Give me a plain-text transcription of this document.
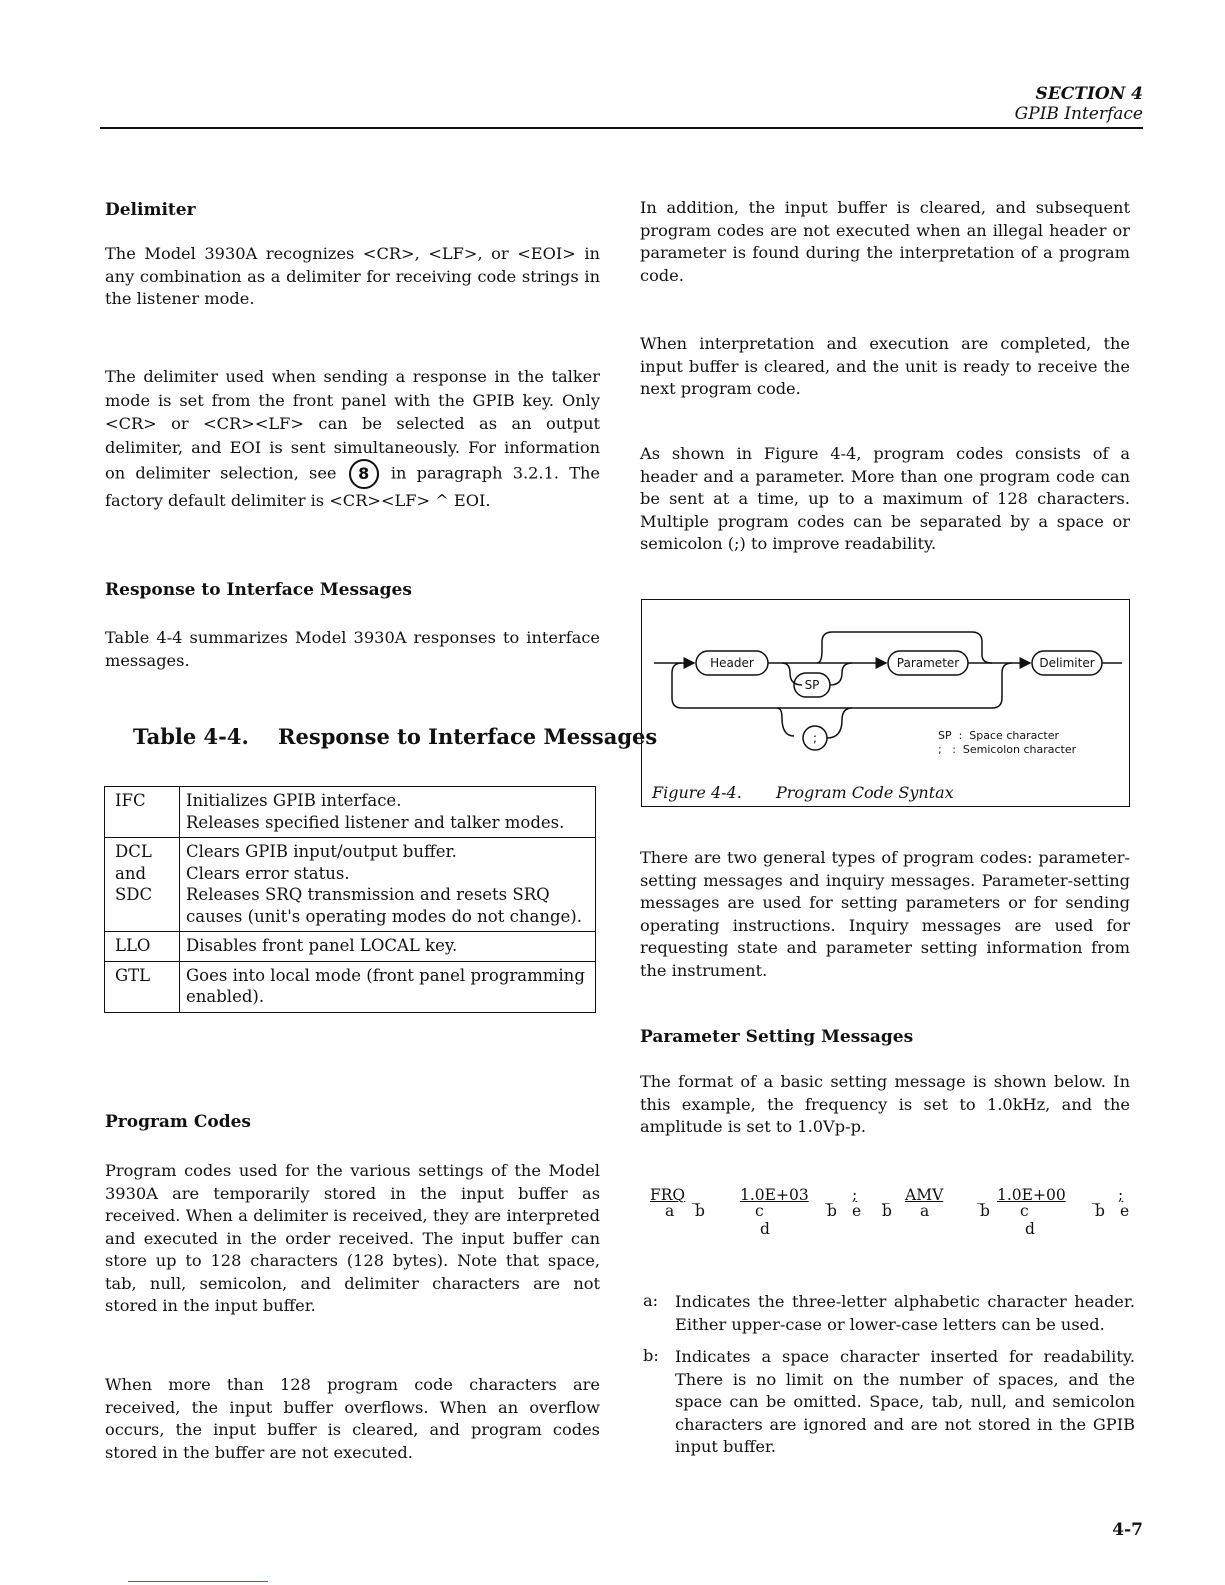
SECTION 4
GPIB Interface
Delimiter
The Model 3930A recognizes <CR>, <LF>, or <EOI> in any combination as a delimiter for receiving code strings in the listener mode.
The delimiter used when sending a response in the talker mode is set from the front panel with the GPIB key. Only <CR> or <CR><LF> can be selected as an output delimiter, and EOI is sent simultaneously. For information on delimiter selection, see 8 in paragraph 3.2.1. The factory default delimiter is <CR><LF> ^ EOI.
Response to Interface Messages
Table 4-4 summarizes Model 3930A responses to interface messages.
Table 4-4.    Response to Interface Messages
IFC	Initializes GPIB interface.
Releases specified listener and talker modes.
DCL
and
SDC	Clears GPIB input/output buffer.
Clears error status.
Releases SRQ transmission and resets SRQ causes (unit's operating modes do not change).
LLO	Disables front panel LOCAL key.
GTL	Goes into local mode (front panel programming enabled).
Program Codes
Program codes used for the various settings of the Model 3930A are temporarily stored in the input buffer as received. When a delimiter is received, they are interpreted and executed in the order received. The input buffer can store up to 128 characters (128 bytes). Note that space, tab, null, semicolon, and delimiter characters are not stored in the input buffer.
When more than 128 program code characters are received, the input buffer overflows. When an overflow occurs, the input buffer is cleared, and program codes stored in the buffer are not executed.
In addition, the input buffer is cleared, and subsequent program codes are not executed when an illegal header or parameter is found during the interpretation of a program code.
When interpretation and execution are completed, the input buffer is cleared, and the unit is ready to receive the next program code.
As shown in Figure 4-4, program codes consists of a header and a parameter. More than one program code can be sent at a time, up to a maximum of 128 characters. Multiple program codes can be separated by a space or semicolon (;) to improve readability.
Header	Parameter	Delimiter
SP
;	SP  :  Space character
;   :  Semicolon character
Figure 4-4. Program Code Syntax
There are two general types of program codes: parameter-setting messages and inquiry messages. Parameter-setting messages are used for setting parameters or for sending operating instructions. Inquiry messages are used for requesting state and parameter setting information from the instrument.
Parameter Setting Messages
The format of a basic setting message is shown below. In this example, the frequency is set to 1.0kHz, and the amplitude is set to 1.0Vp-p.
FRQ _	1.0E+03 _ ; _ AMV _ 1.0E+00 _ ;
a b	c	b e b a	b c	b e
d	d
a: Indicates the three-letter alphabetic character header. Either upper-case or lower-case letters can be used.
b: Indicates a space character inserted for readability. There is no limit on the number of spaces, and the space can be omitted. Space, tab, null, and semicolon characters are ignored and are not stored in the GPIB input buffer.
4-7
